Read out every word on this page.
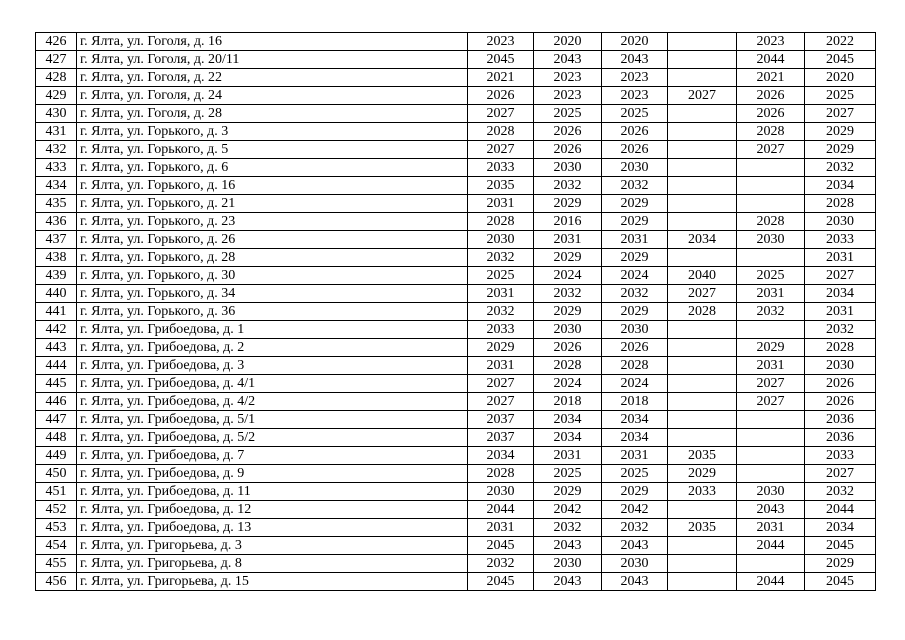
426	г. Ялта, ул. Гоголя, д. 16	2023	2020	2020		2023	2022
427	г. Ялта, ул. Гоголя, д. 20/11	2045	2043	2043		2044	2045
428	г. Ялта, ул. Гоголя, д. 22	2021	2023	2023		2021	2020
429	г. Ялта, ул. Гоголя, д. 24	2026	2023	2023	2027	2026	2025
430	г. Ялта, ул. Гоголя, д. 28	2027	2025	2025		2026	2027
431	г. Ялта, ул. Горького, д. 3	2028	2026	2026		2028	2029
432	г. Ялта, ул. Горького, д. 5	2027	2026	2026		2027	2029
433	г. Ялта, ул. Горького, д. 6	2033	2030	2030			2032
434	г. Ялта, ул. Горького, д. 16	2035	2032	2032			2034
435	г. Ялта, ул. Горького, д. 21	2031	2029	2029			2028
436	г. Ялта, ул. Горького, д. 23	2028	2016	2029		2028	2030
437	г. Ялта, ул. Горького, д. 26	2030	2031	2031	2034	2030	2033
438	г. Ялта, ул. Горького, д. 28	2032	2029	2029			2031
439	г. Ялта, ул. Горького, д. 30	2025	2024	2024	2040	2025	2027
440	г. Ялта, ул. Горького, д. 34	2031	2032	2032	2027	2031	2034
441	г. Ялта, ул. Горького, д. 36	2032	2029	2029	2028	2032	2031
442	г. Ялта, ул. Грибоедова, д. 1	2033	2030	2030			2032
443	г. Ялта, ул. Грибоедова, д. 2	2029	2026	2026		2029	2028
444	г. Ялта, ул. Грибоедова, д. 3	2031	2028	2028		2031	2030
445	г. Ялта, ул. Грибоедова, д. 4/1	2027	2024	2024		2027	2026
446	г. Ялта, ул. Грибоедова, д. 4/2	2027	2018	2018		2027	2026
447	г. Ялта, ул. Грибоедова, д. 5/1	2037	2034	2034			2036
448	г. Ялта, ул. Грибоедова, д. 5/2	2037	2034	2034			2036
449	г. Ялта, ул. Грибоедова, д. 7	2034	2031	2031	2035		2033
450	г. Ялта, ул. Грибоедова, д. 9	2028	2025	2025	2029		2027
451	г. Ялта, ул. Грибоедова, д. 11	2030	2029	2029	2033	2030	2032
452	г. Ялта, ул. Грибоедова, д. 12	2044	2042	2042		2043	2044
453	г. Ялта, ул. Грибоедова, д. 13	2031	2032	2032	2035	2031	2034
454	г. Ялта, ул. Григорьева, д. 3	2045	2043	2043		2044	2045
455	г. Ялта, ул. Григорьева, д. 8	2032	2030	2030			2029
456	г. Ялта, ул. Григорьева, д. 15	2045	2043	2043		2044	2045
